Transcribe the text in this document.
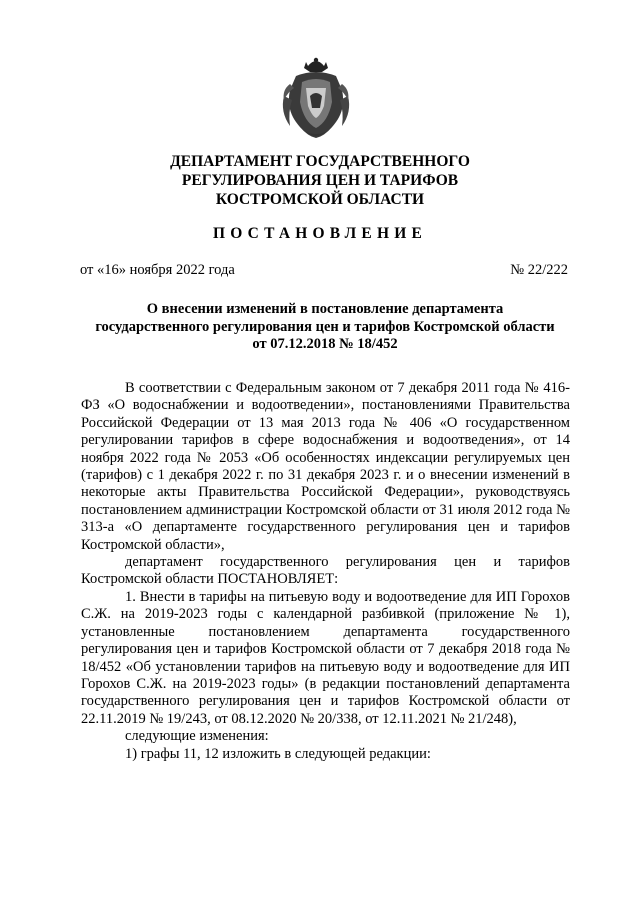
ДЕПАРТАМЕНТ ГОСУДАРСТВЕННОГО
РЕГУЛИРОВАНИЯ ЦЕН И ТАРИФОВ
КОСТРОМСКОЙ ОБЛАСТИ
ПОСТАНОВЛЕНИЕ
от «16» ноября 2022 года	№ 22/222
О внесении изменений в постановление департамента
государственного регулирования цен и тарифов Костромской области
от 07.12.2018 № 18/452

В соответствии с Федеральным законом от 7 декабря 2011 года № 416-ФЗ «О водоснабжении и водоотведении», постановлениями Правительства Российской Федерации от 13 мая 2013 года № 406 «О государственном регулировании тарифов в сфере водоснабжения и водоотведения», от 14 ноября 2022 года № 2053 «Об особенностях индексации регулируемых цен (тарифов) с 1 декабря 2022 г. по 31 декабря 2023 г. и о внесении изменений в некоторые акты Правительства Российской Федерации», руководствуясь постановлением администрации Костромской области от 31 июля 2012 года № 313-а «О департаменте государственного регулирования цен и тарифов Костромской области»,

департамент государственного регулирования цен и тарифов Костромской области ПОСТАНОВЛЯЕТ:

1. Внести в тарифы на питьевую воду и водоотведение для ИП Горохов С.Ж. на 2019-2023 годы с календарной разбивкой (приложение № 1), установленные постановлением департамента государственного регулирования цен и тарифов Костромской области от 7 декабря 2018 года № 18/452 «Об установлении тарифов на питьевую воду и водоотведение для ИП Горохов С.Ж. на 2019-2023 годы» (в редакции постановлений департамента государственного регулирования цен и тарифов Костромской области от 22.11.2019 № 19/243, от 08.12.2020 № 20/338, от 12.11.2021 № 21/248),

следующие изменения:

1) графы 11, 12 изложить в следующей редакции:
